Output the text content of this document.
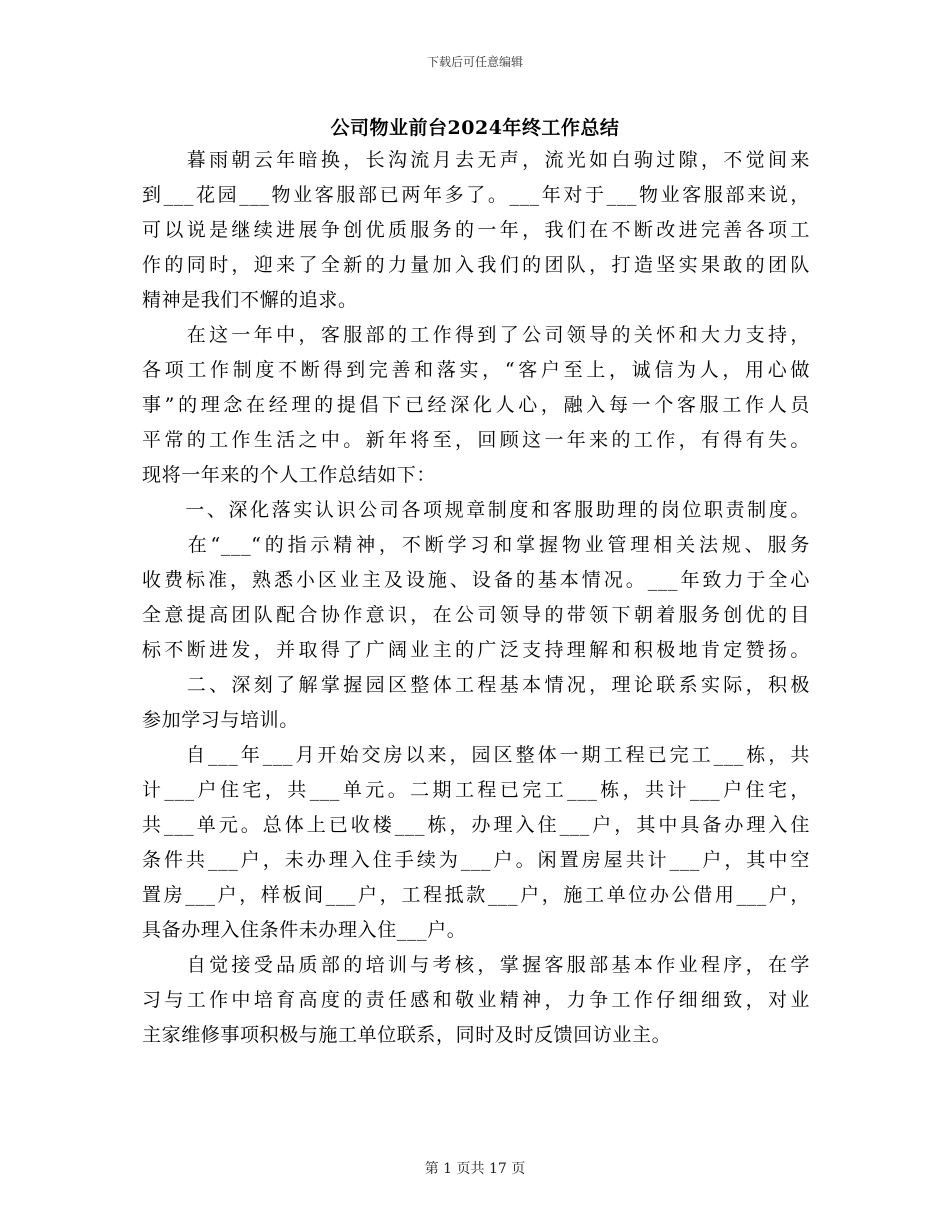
下载后可任意编辑
公司物业前台2024年终工作总结
　　暮雨朝云年暗换，长沟流月去无声，流光如白驹过隙，不觉间来
到___花园___物业客服部已两年多了。___年对于___物业客服部来说，
可以说是继续进展争创优质服务的一年，我们在不断改进完善各项工
作的同时，迎来了全新的力量加入我们的团队，打造坚实果敢的团队
精神是我们不懈的追求。
　　在这一年中，客服部的工作得到了公司领导的关怀和大力支持，
各项工作制度不断得到完善和落实，“客户至上，诚信为人，用心做
事”的理念在经理的提倡下已经深化人心，融入每一个客服工作人员
平常的工作生活之中。新年将至，回顾这一年来的工作，有得有失。
现将一年来的个人工作总结如下：
　　一、深化落实认识公司各项规章制度和客服助理的岗位职责制度。
　　在“___“的指示精神，不断学习和掌握物业管理相关法规、服务
收费标准，熟悉小区业主及设施、设备的基本情况。___年致力于全心
全意提高团队配合协作意识，在公司领导的带领下朝着服务创优的目
标不断进发，并取得了广阔业主的广泛支持理解和积极地肯定赞扬。
　　二、深刻了解掌握园区整体工程基本情况，理论联系实际，积极
参加学习与培训。
　　自___年___月开始交房以来，园区整体一期工程已完工___栋，共
计___户住宅，共___单元。二期工程已完工___栋，共计___户住宅，
共___单元。总体上已收楼___栋，办理入住___户，其中具备办理入住
条件共___户，未办理入住手续为___户。闲置房屋共计___户，其中空
置房___户，样板间___户，工程抵款___户，施工单位办公借用___户，
具备办理入住条件未办理入住___户。
　　自觉接受品质部的培训与考核，掌握客服部基本作业程序，在学
习与工作中培育高度的责任感和敬业精神，力争工作仔细细致，对业
主家维修事项积极与施工单位联系，同时及时反馈回访业主。
第 1 页共 17 页
